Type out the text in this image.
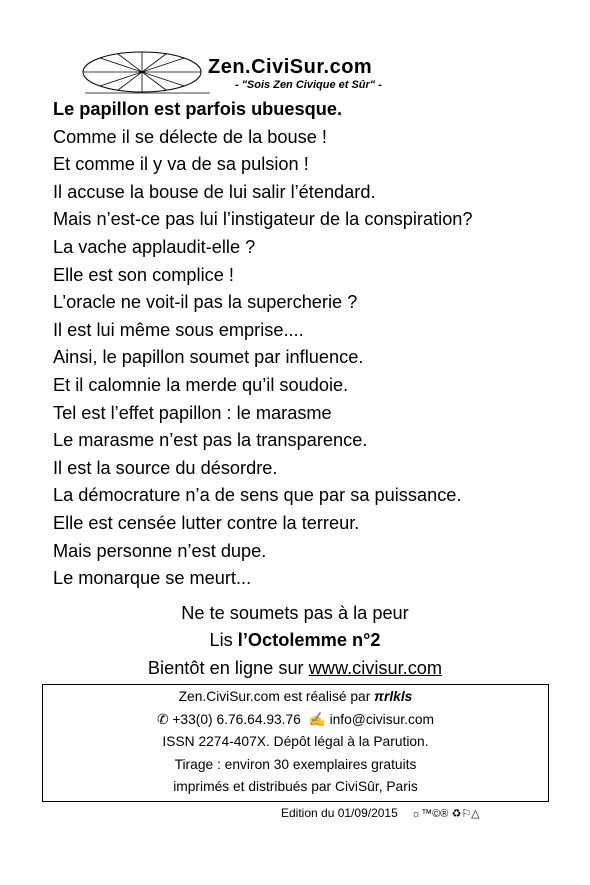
Zen.CiviSur.com
- "Sois Zen Civique et Sûr" -
Le papillon est parfois ubuesque.
Comme il se délecte de la bouse !
Et comme il y va de sa pulsion !
Il accuse la bouse de lui salir l’étendard.
Mais n’est-ce pas lui l’instigateur de la conspiration?
La vache applaudit-elle ?
Elle est son complice !
L’oracle ne voit-il pas la supercherie ?
Il est lui même sous emprise....
Ainsi, le papillon soumet par influence.
Et il calomnie la merde qu’il soudoie.
Tel est l’effet papillon : le marasme
Le marasme n’est pas la transparence.
Il est la source du désordre.
La démocrature n’a de sens que par sa puissance.
Elle est censée lutter contre la terreur.
Mais personne n’est dupe.
Le monarque se meurt...
Ne te soumets pas à la peur
Lis l’Octolemme n°2
Bientôt en ligne sur www.civisur.com
Zen.CiviSur.com est réalisé par πrlkls
✆ +33(0) 6.76.64.93.76 ✍ info@civisur.com
ISSN 2274-407X. Dépôt légal à la Parution.
Tirage : environ 30 exemplaires gratuits
imprimés et distribués par CiviSûr, Paris
Edition du 01/09/2015 ☼™©® ♻⚐△
